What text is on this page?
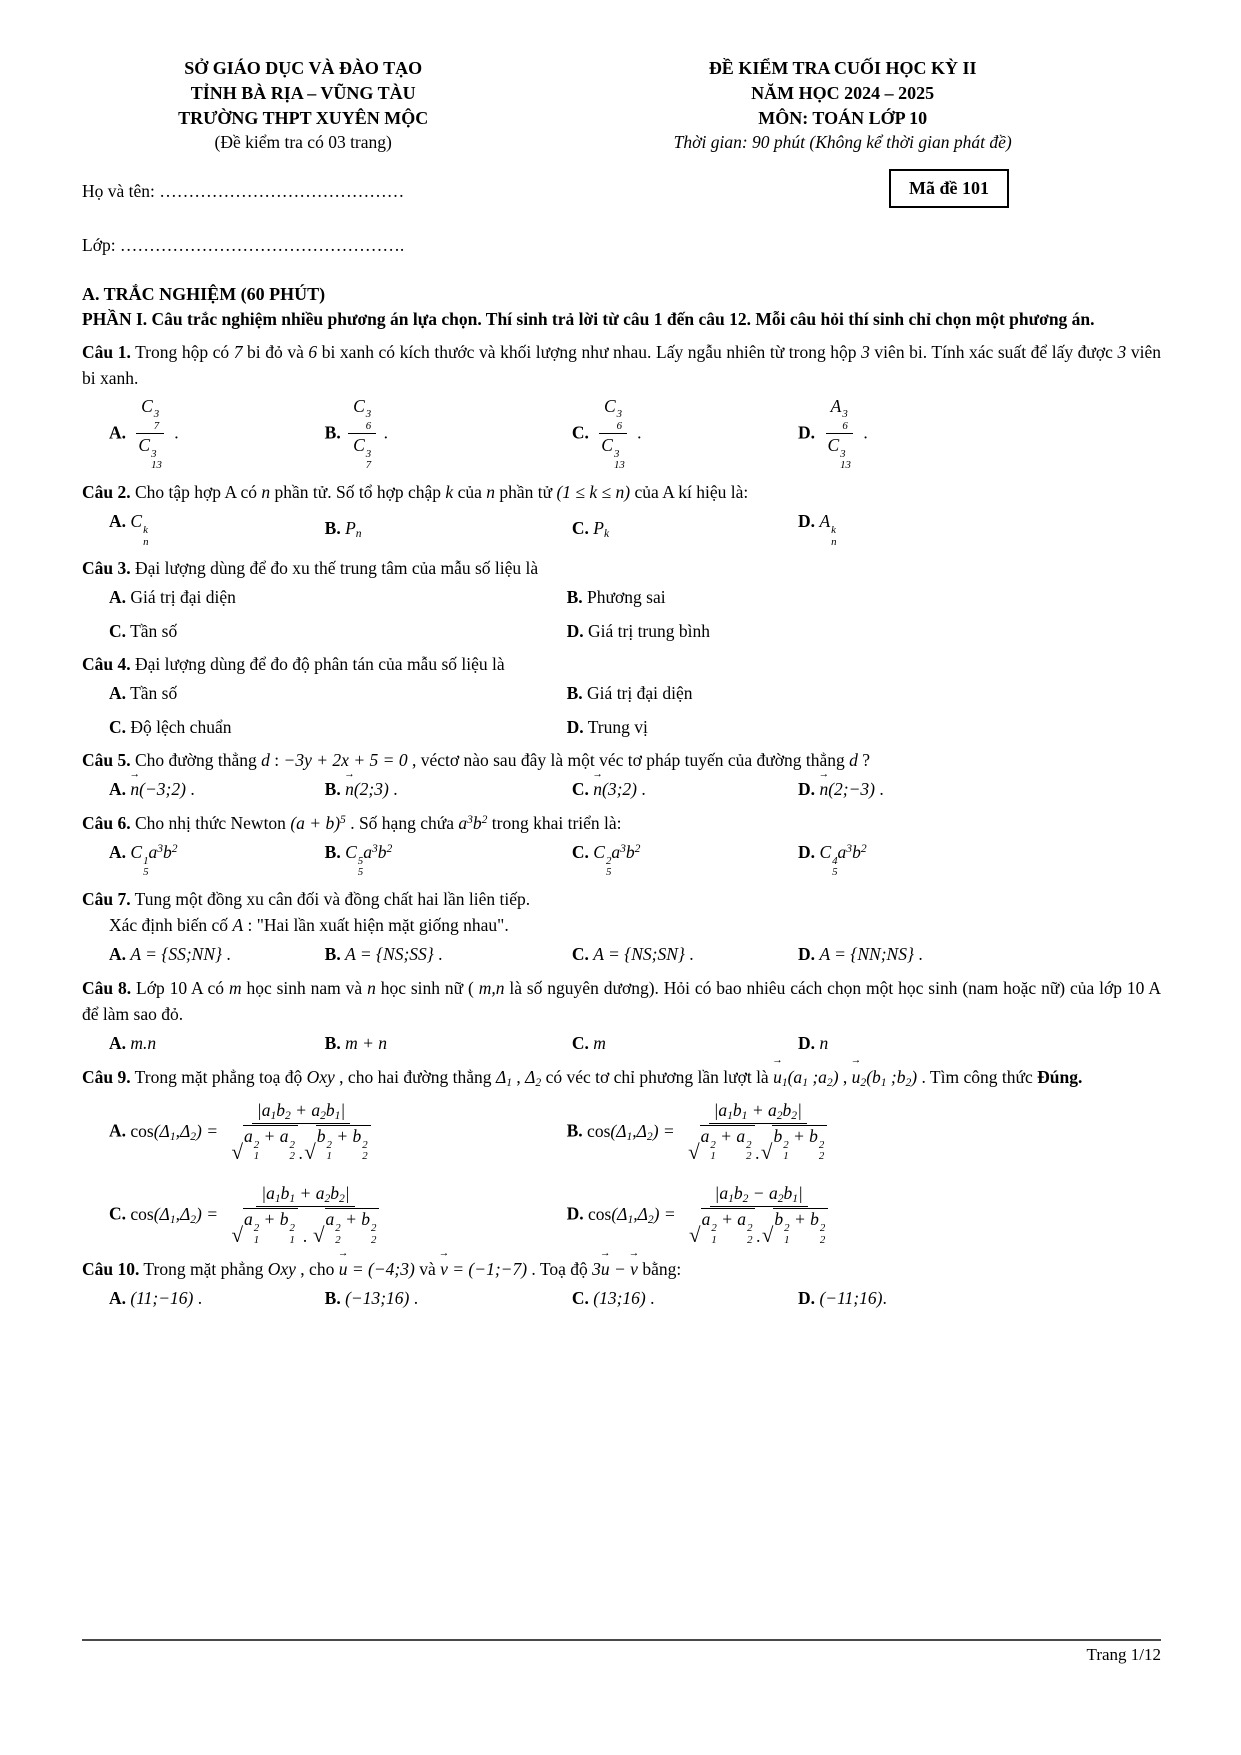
SỞ GIÁO DỤC VÀ ĐÀO TẠO
TỈNH BÀ RỊA – VŨNG TÀU
TRƯỜNG THPT XUYÊN MỘC
(Đề kiểm tra có 03 trang)
ĐỀ KIỂM TRA CUỐI HỌC KỲ II
NĂM HỌC 2024 – 2025
MÔN: TOÁN LỚP 10
Thời gian: 90 phút (Không kể thời gian phát đề)
Mã đề 101

Họ và tên: ……………………………………

Lớp: ………………………………………….

A. TRẮC NGHIỆM (60 PHÚT)

PHẦN I. Câu trắc nghiệm nhiều phương án lựa chọn. Thí sinh trả lời từ câu 1 đến câu 12. Mỗi câu hỏi thí sinh chỉ chọn một phương án.

Câu 1. Trong hộp có 7 bi đỏ và 6 bi xanh có kích thước và khối lượng như nhau. Lấy ngẫu nhiên từ trong hộp 3 viên bi. Tính xác suất để lấy được 3 viên bi xanh.
A. C 3
7
C 3
13 .	B. C 3
6
C 3
7 .	C. C 3
6
C 3
13 .	D. A 3
6
C 3
13 .
Câu 2. Cho tập hợp A có n phần tử. Số tổ hợp chập k của n phần tử (1 ≤ k ≤ n) của A kí hiệu là:
A. C k
n
B. Pn	C. Pk
D. A k
n
Câu 3. Đại lượng dùng để đo xu thế trung tâm của mẫu số liệu là
A. Giá trị đại diện	B. Phương sai
C. Tần số	D. Giá trị trung bình
Câu 4. Đại lượng dùng để đo độ phân tán của mẫu số liệu là
A. Tần số	B. Giá trị đại diện
C. Độ lệch chuẩn	D. Trung vị
Câu 5. Cho đường thẳng d : −3y + 2x + 5 = 0 , véctơ nào sau đây là một véc tơ pháp tuyến của đường thẳng d ?
A. n →(−3;2) .	B. n →(2;3) .	C. n →(3;2) .	D. n →(2;−3) .
Câu 6. Cho nhị thức Newton $(a + b)^5$ . Số hạng chứa $a^3b^2$ trong khai triển là:
A. C 1
5
$a^3b^2$	B. C 5
5
$a^3b^2$	C. C 2
5
$a^3b^2$	D. C 4
5
$a^3b^2$
Câu 7. Tung một đồng xu cân đối và đồng chất hai lần liên tiếp.
Xác định biến cố A : "Hai lần xuất hiện mặt giống nhau".
A. A = {SS;NN} .	B. A = {NS;SS} .	C. A = {NS;SN} .	D. A = {NN;NS} .
Câu 8. Lớp 10 A có m học sinh nam và n học sinh nữ ( m,n là số nguyên dương). Hỏi có bao nhiêu cách chọn một học sinh (nam hoặc nữ) của lớp 10 A để làm sao đỏ.
A. m.n	B. m + n	C. m	D. n
Câu 9. Trong mặt phẳng toạ độ Oxy , cho hai đường thẳng Δ1 , Δ2 có véc tơ chỉ phương lần lượt là u →1(a1 ;a2) , u →2(b1 ;b2) . Tìm công thức Đúng.
A. cos(Δ1,Δ2) = |a1b2 + a2b1|
√
a 2
1
+ a 2
2 . √
b 2
1
+ b 2
2	B. cos(Δ1,Δ2) = |a1b1 + a2b2|
√
a 2
1
+ a 2
2 . √
b 2
1
+ b 2
2
C. cos(Δ1,Δ2) = |a1b1 + a2b2|
√
a 2
1
+ b 2
1 . √
a 2
2
+ b 2
2	D. cos(Δ1,Δ2) = |a1b2 − a2b1|
√
a 2
1
+ a 2
2 . √
b 2
1
+ b 2
2
Câu 10. Trong mặt phẳng Oxy , cho u → = (−4;3) và v → = (−1;−7) . Toạ độ 3u → − v → bằng:
A. (11;−16) .	B. (−13;16) .	C. (13;16) .	D. (−11;16).
Trang 1/12
